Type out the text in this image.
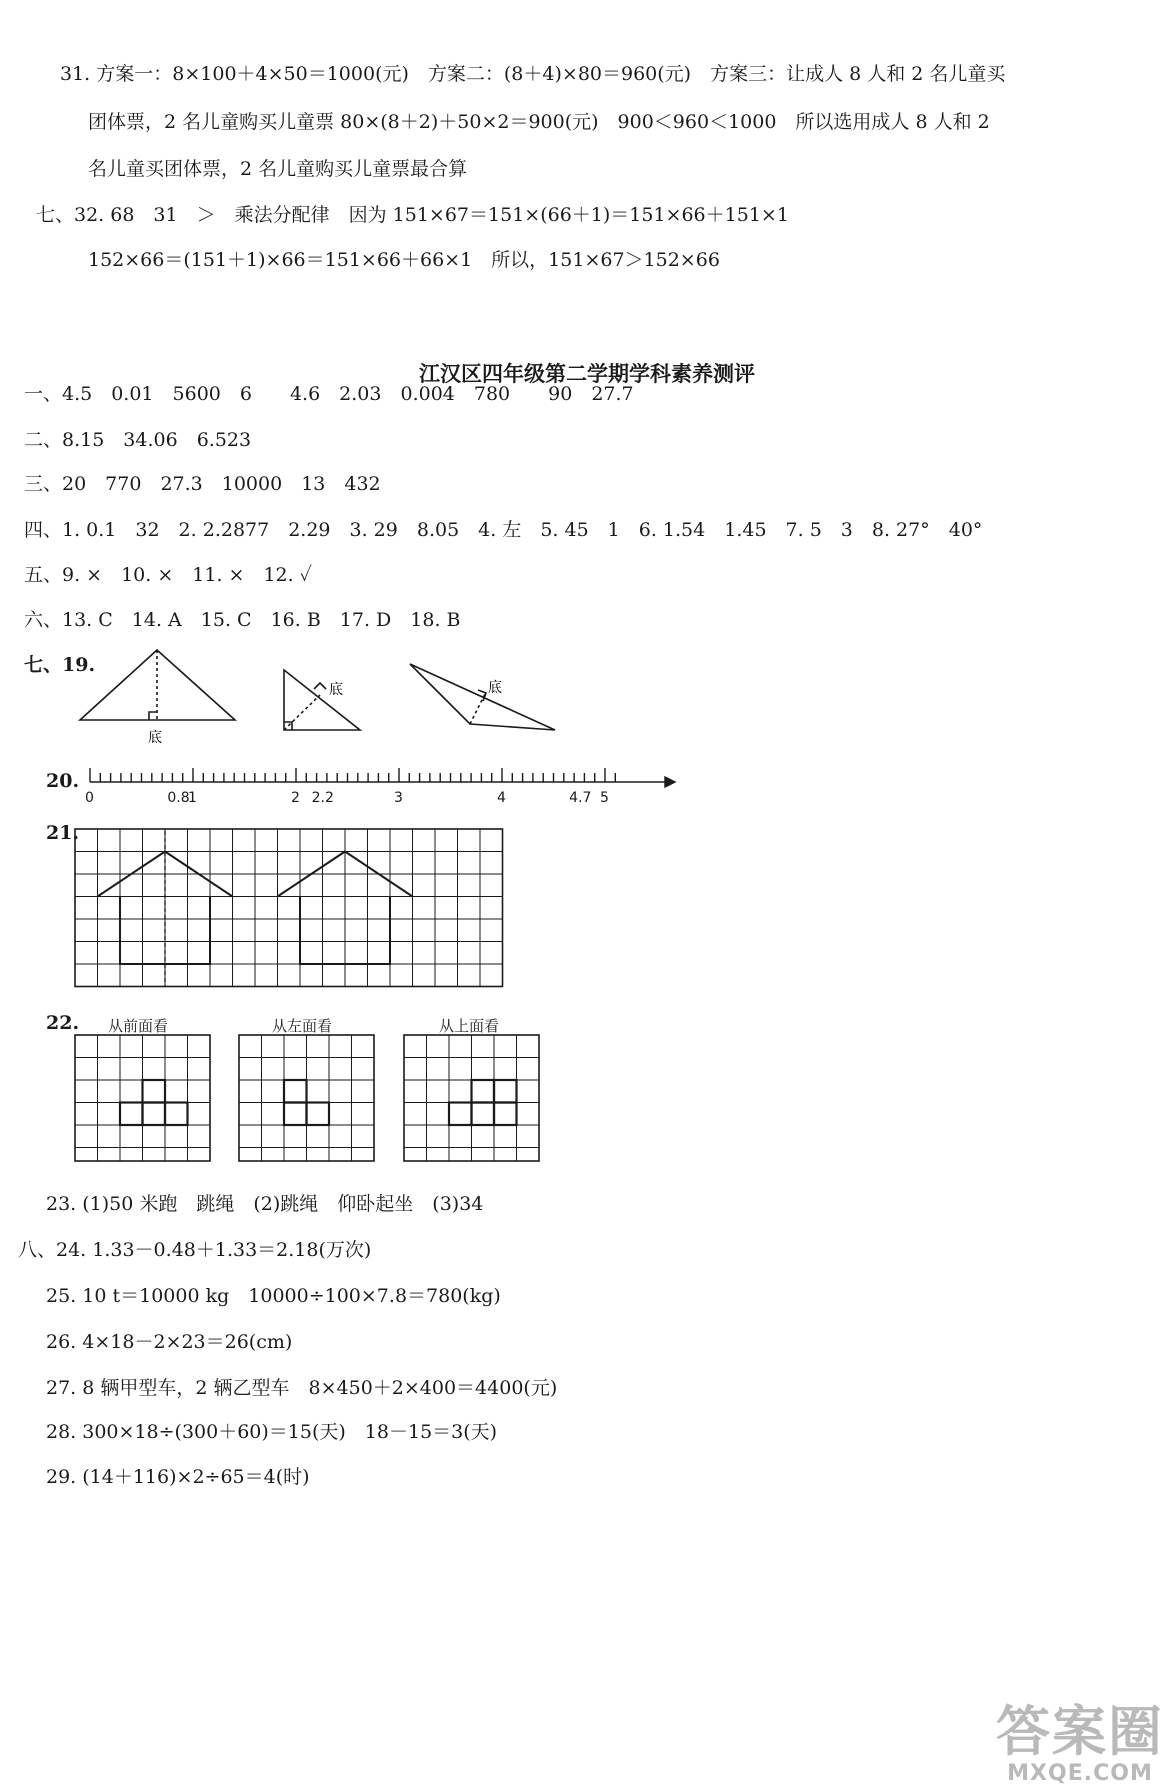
31. 方案一：8×100＋4×50＝1000(元)　方案二：(8＋4)×80＝960(元)　方案三：让成人 8 人和 2 名儿童买
团体票，2 名儿童购买儿童票 80×(8＋2)＋50×2＝900(元)　900＜960＜1000　所以选用成人 8 人和 2
名儿童买团体票，2 名儿童购买儿童票最合算
七、32. 68　31　＞　乘法分配律　因为 151×67＝151×(66＋1)＝151×66＋151×1
152×66＝(151＋1)×66＝151×66＋66×1　所以，151×67＞152×66
江汉区四年级第二学期学科素养测评
一、4.5　0.01　5600　6　　4.6　2.03　0.004　780　　90　27.7
二、8.15　34.06　6.523
三、20　770　27.3　10000　13　432
四、1. 0.1　32　2. 2.2877　2.29　3. 29　8.05　4. 左　5. 45　1　6. 1.54　1.45　7. 5　3　8. 27°　40°
五、9. ×　10. ×　11. ×　12. ✓
六、13. C　14. A　15. C　16. B　17. D　18. B
七、19.
底
底	底
20.
0	0.8
1	2 2.2	3	4	4.7 5
21.
22. 从前面看	从左面看	从上面看
23. (1)50 米跑　跳绳　(2)跳绳　仰卧起坐　(3)34
八、24. 1.33－0.48＋1.33＝2.18(万次)
25. 10 t＝10000 kg　10000÷100×7.8＝780(kg)
26. 4×18－2×23＝26(cm)
27. 8 辆甲型车，2 辆乙型车　8×450＋2×400＝4400(元)
28. 300×18÷(300＋60)＝15(天)　18－15＝3(天)
29. (14＋116)×2÷65＝4(时)
答案圈
MXQE.COM
